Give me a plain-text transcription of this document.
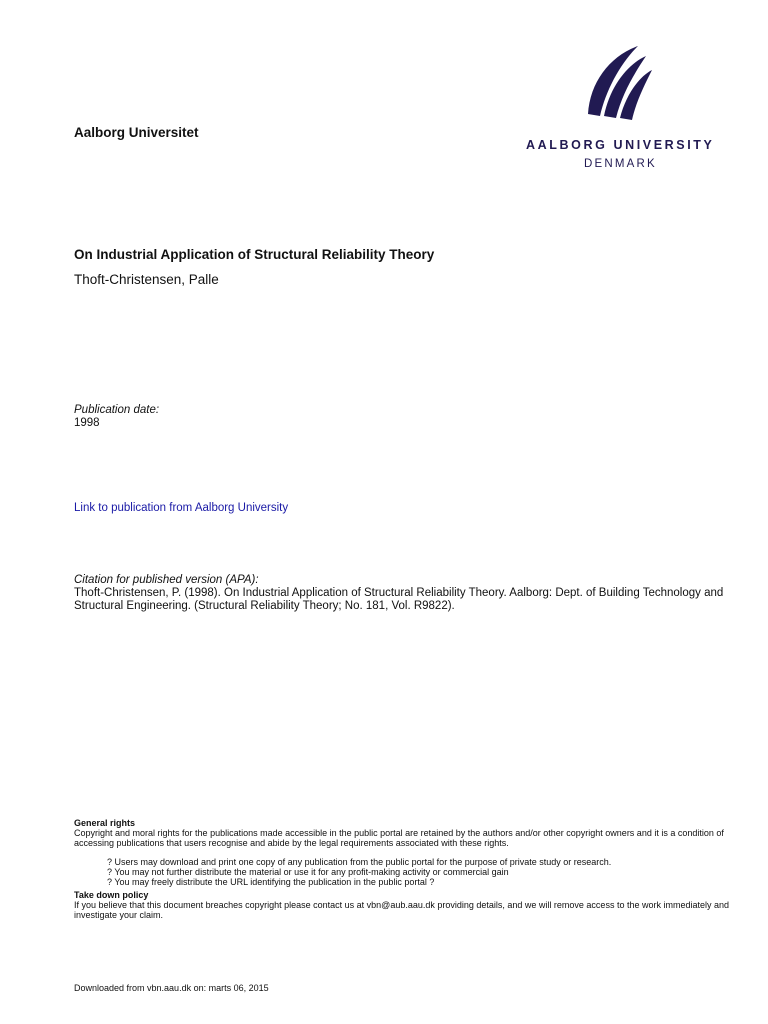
Aalborg Universitet
AALBORG UNIVERSITY
DENMARK
On Industrial Application of Structural Reliability Theory
Thoft-Christensen, Palle
Publication date:
1998
Link to publication from Aalborg University
Citation for published version (APA):
Thoft-Christensen, P. (1998). On Industrial Application of Structural Reliability Theory. Aalborg: Dept. of Building Technology and Structural Engineering. (Structural Reliability Theory; No. 181, Vol. R9822).
General rights
Copyright and moral rights for the publications made accessible in the public portal are retained by the authors and/or other copyright owners and it is a condition of accessing publications that users recognise and abide by the legal requirements associated with these rights.
? Users may download and print one copy of any publication from the public portal for the purpose of private study or research.
? You may not further distribute the material or use it for any profit-making activity or commercial gain
? You may freely distribute the URL identifying the publication in the public portal ?
Take down policy
If you believe that this document breaches copyright please contact us at vbn@aub.aau.dk providing details, and we will remove access to the work immediately and investigate your claim.
Downloaded from vbn.aau.dk on: marts 06, 2015
